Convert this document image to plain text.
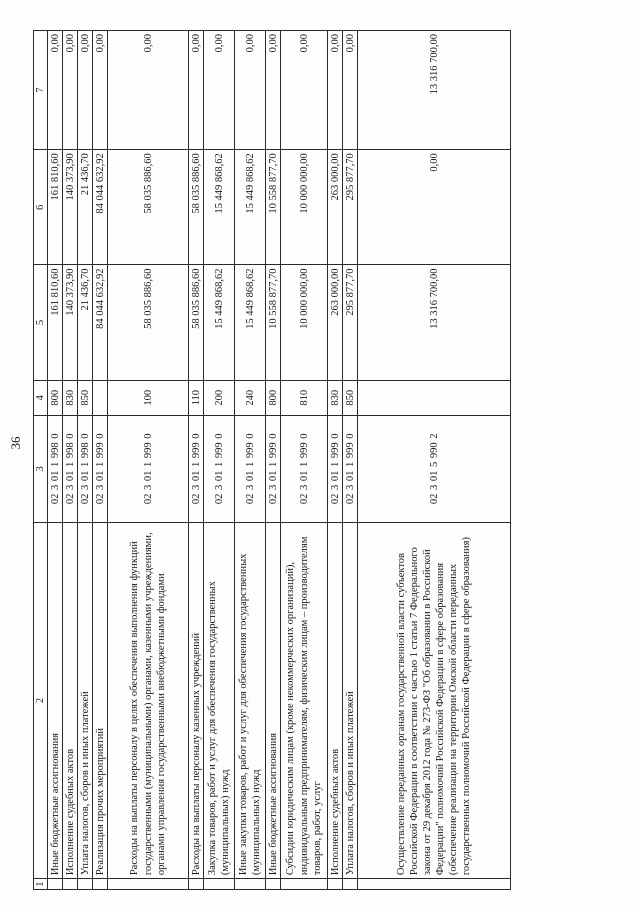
36
1	2	3	4	5	6	7
	Иные бюджетные ассигнования	02 3 01 1 998 0	800	161 810,60	161 810,60	0,00
	Исполнение судебных актов	02 3 01 1 998 0	830	140 373,90	140 373,90	0,00
	Уплата налогов, сборов и иных платежей	02 3 01 1 998 0	850	21 436,70	21 436,70	0,00
	Реализация прочих мероприятий	02 3 01 1 999 0		84 044 632,92	84 044 632,92	0,00
	Расходы на выплаты персоналу в целях обеспечения выполнения функций государственными (муниципальными) органами, казенными учреждениями, органами управления государственными внебюджетными фондами	02 3 01 1 999 0	100	58 035 886,60	58 035 886,60	0,00
	Расходы на выплаты персоналу казенных учреждений	02 3 01 1 999 0	110	58 035 886,60	58 035 886,60	0,00
	Закупка товаров, работ и услуг для обеспечения государственных (муниципальных) нужд	02 3 01 1 999 0	200	15 449 868,62	15 449 868,62	0,00
	Иные закупки товаров, работ и услуг для обеспечения государственных (муниципальных) нужд	02 3 01 1 999 0	240	15 449 868,62	15 449 868,62	0,00
	Иные бюджетные ассигнования	02 3 01 1 999 0	800	10 558 877,70	10 558 877,70	0,00
	Субсидии юридическим лицам (кроме некоммерческих организаций), индивидуальным предпринимателям, физическим лицам – производителям товаров, работ, услуг	02 3 01 1 999 0	810	10 000 000,00	10 000 000,00	0,00
	Исполнение судебных актов	02 3 01 1 999 0	830	263 000,00	263 000,00	0,00
	Уплата налогов, сборов и иных платежей	02 3 01 1 999 0	850	295 877,70	295 877,70	0,00
	Осуществление переданных органам государственной власти субъектов Российской Федерации в соответствии с частью 1 статьи 7 Федерального закона от 29 декабря 2012 года № 273-ФЗ "Об образовании в Российской Федерации" полномочий Российской Федерации в сфере образования (обеспечение реализации на территории Омской области переданных государственных полномочий Российской Федерации в сфере образования)	02 3 01 5 990 2		13 316 700,00	0,00	13 316 700,00
